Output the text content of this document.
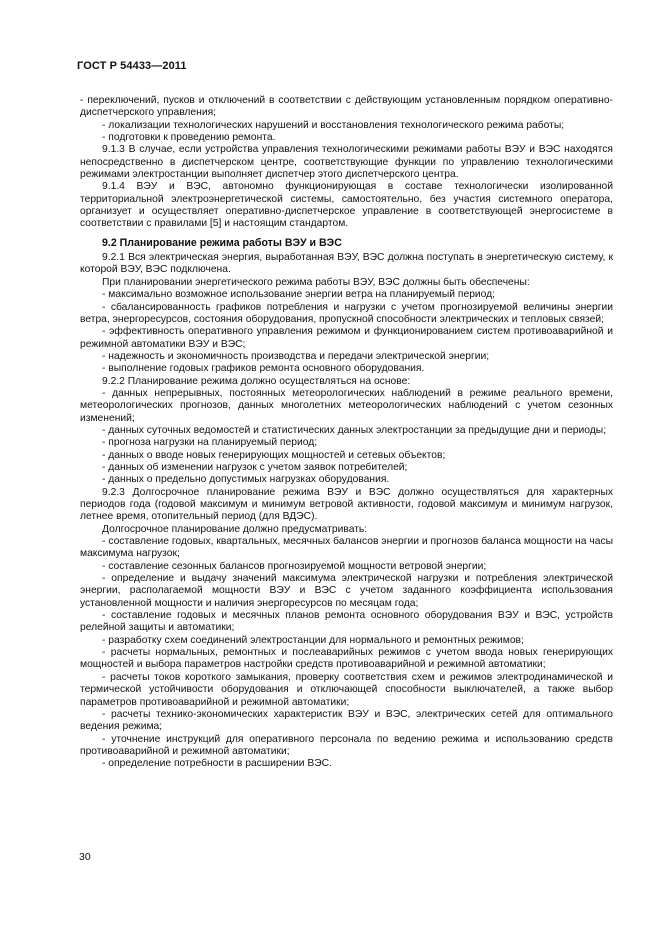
ГОСТ Р 54433—2011

- переключений, пусков и отключений в соответствии с действующим установленным порядком оперативно-диспетчерского управления;

- локализации технологических нарушений и восстановления технологического режима работы;

- подготовки к проведению ремонта.

9.1.3 В случае, если устройства управления технологическими режимами работы ВЭУ и ВЭС находятся непосредственно в диспетчерском центре, соответствующие функции по управлению технологическими режимами электростанции выполняет диспетчер этого диспетчерского центра.

9.1.4 ВЭУ и ВЭС, автономно функционирующая в составе технологически изолированной территориальной электроэнергетической системы, самостоятельно, без участия системного оператора, организует и осуществляет оперативно-диспетчерское управление в соответствующей энергосистеме в соответствии с правилами [5] и настоящим стандартом.

9.2 Планирование режима работы ВЭУ и ВЭС

9.2.1 Вся электрическая энергия, выработанная ВЭУ, ВЭС должна поступать в энергетическую систему, к которой ВЭУ, ВЭС подключена.

При планировании энергетического режима работы ВЭУ, ВЭС должны быть обеспечены:

- максимально возможное использование энергии ветра на планируемый период;

- сбалансированность графиков потребления и нагрузки с учетом прогнозируемой величины энергии ветра, энергоресурсов, состояния оборудования, пропускной способности электрических и тепловых связей;

- эффективность оперативного управления режимом и функционированием систем противоаварийной и режимной автоматики ВЭУ и ВЭС;

- надежность и экономичность производства и передачи электрической энергии;

- выполнение годовых графиков ремонта основного оборудования.

9.2.2 Планирование режима должно осуществляться на основе:

- данных непрерывных, постоянных метеорологических наблюдений в режиме реального времени, метеорологических прогнозов, данных многолетних метеорологических наблюдений с учетом сезонных изменений;

- данных суточных ведомостей и статистических данных электростанции за предыдущие дни и периоды;

- прогноза нагрузки на планируемый период;

- данных о вводе новых генерирующих мощностей и сетевых объектов;

- данных об изменении нагрузок с учетом заявок потребителей;

- данных о предельно допустимых нагрузках оборудования.

9.2.3 Долгосрочное планирование режима ВЭУ и ВЭС должно осуществляться для характерных периодов года (годовой максимум и минимум ветровой активности, годовой максимум и минимум нагрузок, летнее время, отопительный период (для ВДЭС).

Долгосрочное планирование должно предусматривать:

- составление годовых, квартальных, месячных балансов энергии и прогнозов баланса мощности на часы максимума нагрузок;

- составление сезонных балансов прогнозируемой мощности ветровой энергии;

- определение и выдачу значений максимума электрической нагрузки и потребления электрической энергии, располагаемой мощности ВЭУ и ВЭС с учетом заданного коэффициента использования установленной мощности и наличия энергоресурсов по месяцам года;

- составление годовых и месячных планов ремонта основного оборудования ВЭУ и ВЭС, устройств релейной защиты и автоматики;

- разработку схем соединений электростанции для нормального и ремонтных режимов;

- расчеты нормальных, ремонтных и послеаварийных режимов с учетом ввода новых генерирующих мощностей и выбора параметров настройки средств противоаварийной и режимной автоматики;

- расчеты токов короткого замыкания, проверку соответствия схем и режимов электродинамической и термической устойчивости оборудования и отключающей способности выключателей, а также выбор параметров противоаварийной и режимной автоматики;

- расчеты технико-экономических характеристик ВЭУ и ВЭС, электрических сетей для оптимального ведения режима;

- уточнение инструкций для оперативного персонала по ведению режима и использованию средств противоаварийной и режимной автоматики;

- определение потребности в расширении ВЭС.

30
